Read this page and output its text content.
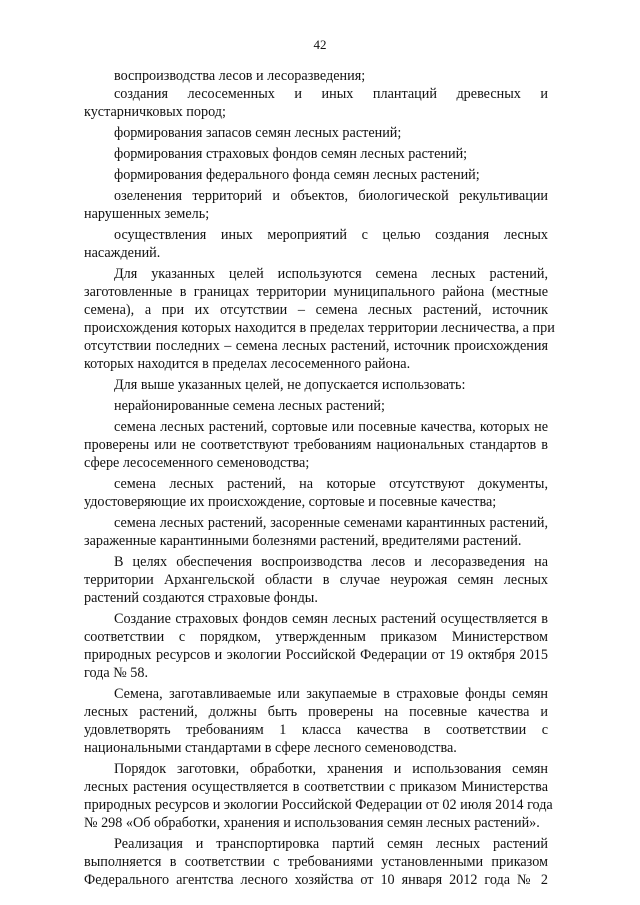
42
воспроизводства лесов и лесоразведения;
создания лесосеменных и иных плантаций древесных и
кустарничковых пород;
формирования запасов семян лесных растений;
формирования страховых фондов семян лесных растений;
формирования федерального фонда семян лесных растений;
озеленения территорий и объектов, биологической рекультивации
нарушенных земель;
осуществления иных мероприятий с целью создания лесных
насаждений.
Для указанных целей используются семена лесных растений,
заготовленные в границах территории муниципального района (местные
семена), а при их отсутствии – семена лесных растений, источник
происхождения которых находится в пределах территории лесничества, а при
отсутствии последних – семена лесных растений, источник происхождения
которых находится в пределах лесосеменного района.
Для выше указанных целей, не допускается использовать:
нерайонированные семена лесных растений;
семена лесных растений, сортовые или посевные качества, которых не
проверены или не соответствуют требованиям национальных стандартов в
сфере лесосеменного семеноводства;
семена лесных растений, на которые отсутствуют документы,
удостоверяющие их происхождение, сортовые и посевные качества;
семена лесных растений, засоренные семенами карантинных растений,
зараженные карантинными болезнями растений, вредителями растений.
В целях обеспечения воспроизводства лесов и лесоразведения на
территории Архангельской области в случае неурожая семян лесных
растений создаются страховые фонды.
Создание страховых фондов семян лесных растений осуществляется в
соответствии с порядком, утвержденным приказом Министерством
природных ресурсов и экологии Российской Федерации от 19 октября 2015
года № 58.
Семена, заготавливаемые или закупаемые в страховые фонды семян
лесных растений, должны быть проверены на посевные качества и
удовлетворять требованиям 1 класса качества в соответствии с
национальными стандартами в сфере лесного семеноводства.
Порядок заготовки, обработки, хранения и использования семян
лесных растения осуществляется в соответствии с приказом Министерства
природных ресурсов и экологии Российской Федерации от 02 июля 2014 года
№ 298 «Об обработки, хранения и использования семян лесных растений».
Реализация и транспортировка партий семян лесных растений
выполняется в соответствии с требованиями установленными приказом
Федерального агентства лесного хозяйства от 10 января 2012 года № 2
